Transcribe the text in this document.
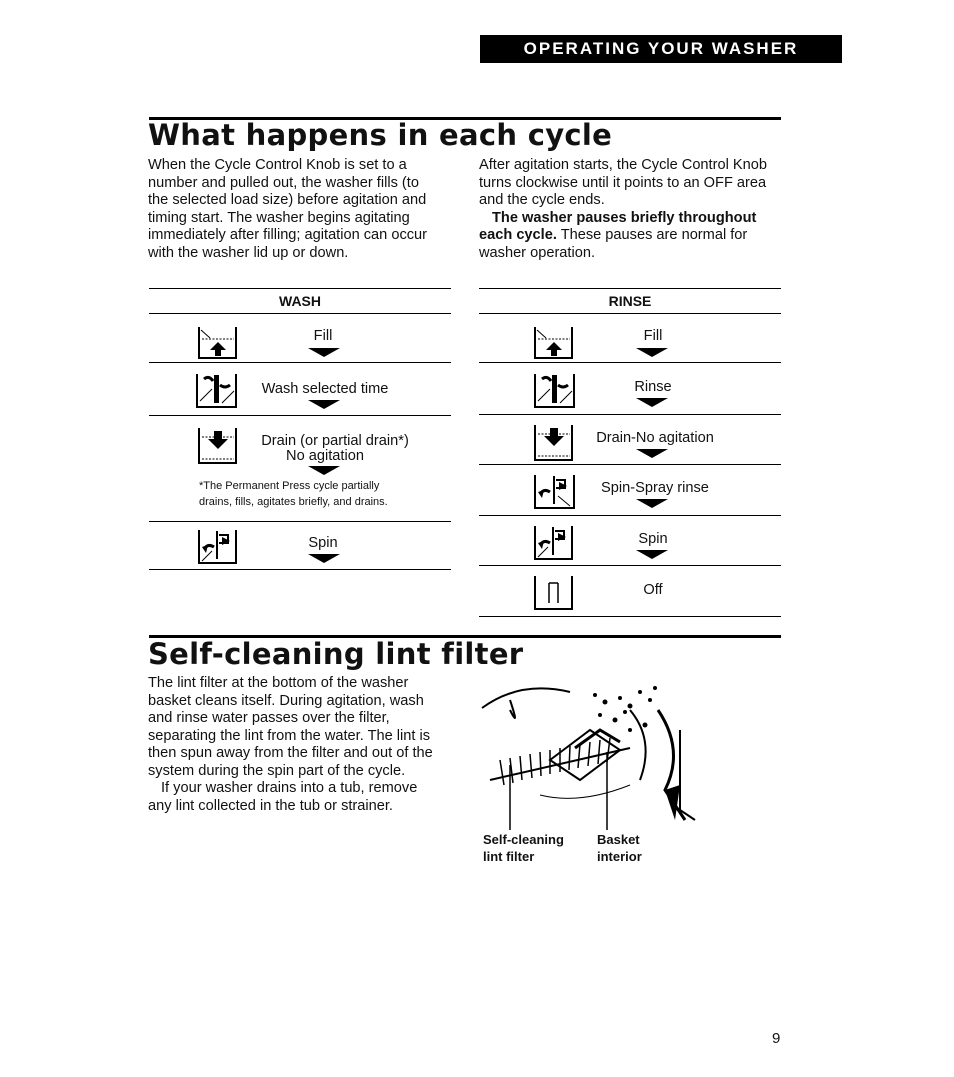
OPERATING YOUR WASHER
What happens in each cycle
When the Cycle Control Knob is set to a
number and pulled out, the washer fills (to
the selected load size) before agitation and
timing start. The washer begins agitating
immediately after filling; agitation can occur
with the washer lid up or down.
After agitation starts, the Cycle Control Knob
turns clockwise until it points to an OFF area
and the cycle ends.
The washer pauses briefly throughout
each cycle. These pauses are normal for
washer operation.
WASH
Fill
Wash selected time
Drain (or partial drain*)
No agitation
*The Permanent Press cycle partially
drains, fills, agitates briefly, and drains.
Spin
RINSE
Fill
Rinse
Drain-No agitation
Spin-Spray rinse
Spin
Off
Self-cleaning lint filter
The lint filter at the bottom of the washer
basket cleans itself. During agitation, wash
and rinse water passes over the filter,
separating the lint from the water. The lint is
then spun away from the filter and out of the
system during the spin part of the cycle.
If your washer drains into a tub, remove
any lint collected in the tub or strainer.
Self-cleaning
lint filter
Basket
interior
9
